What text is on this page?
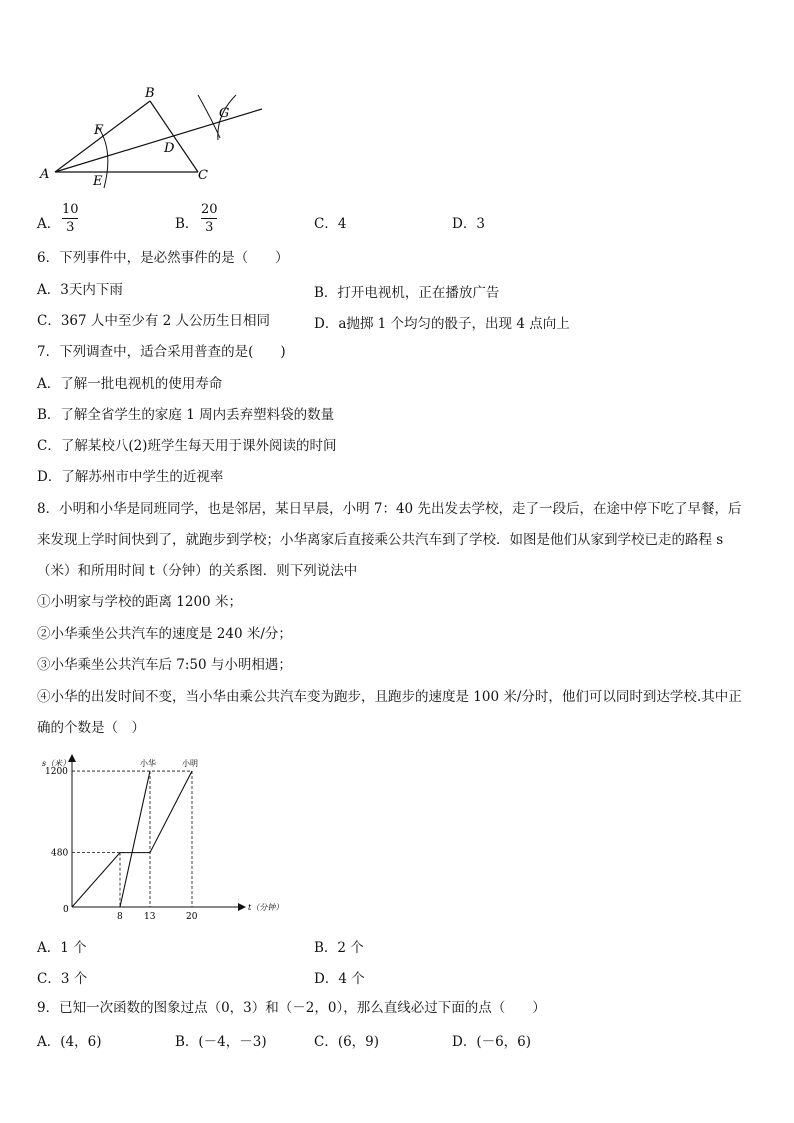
A
B
C
D
E
F
G
A．
10
3	B．
20
3	C．4	D．3
6．下列事件中，是必然事件的是（　　）
A．3天内下雨	B．打开电视机，正在播放广告
C．367 人中至少有 2 人公历生日相同	D．a抛掷 1 个均匀的骰子，出现 4 点向上
7．下列调查中，适合采用普查的是(　　)
A．了解一批电视机的使用寿命
B．了解全省学生的家庭 1 周内丢弃塑料袋的数量
C．了解某校八(2)班学生每天用于课外阅读的时间
D．了解苏州市中学生的近视率
8．小明和小华是同班同学，也是邻居，某日早晨，小明 7：40 先出发去学校，走了一段后，在途中停下吃了早餐，后
来发现上学时间快到了，就跑步到学校；小华离家后直接乘公共汽车到了学校．如图是他们从家到学校已走的路程 s
（米）和所用时间 t（分钟）的关系图．则下列说法中
①小明家与学校的距离 1200 米；
②小华乘坐公共汽车的速度是 240 米/分；
③小华乘坐公共汽车后 7:50 与小明相遇；
④小华的出发时间不变，当小华由乘公共汽车变为跑步，且跑步的速度是 100 米/分时，他们可以同时到达学校.其中正
确的个数是（　）
s（米）
t（分钟）
0
8 13	20
480
1200
小明
小华
A．1 个	B．2 个
C．3 个	D．4 个
9．已知一次函数的图象过点（0，3）和（－2，0），那么直线必过下面的点（　　）
A．(4，6)	B．(－4，－3)	C．(6，9)	D．(－6，6)
